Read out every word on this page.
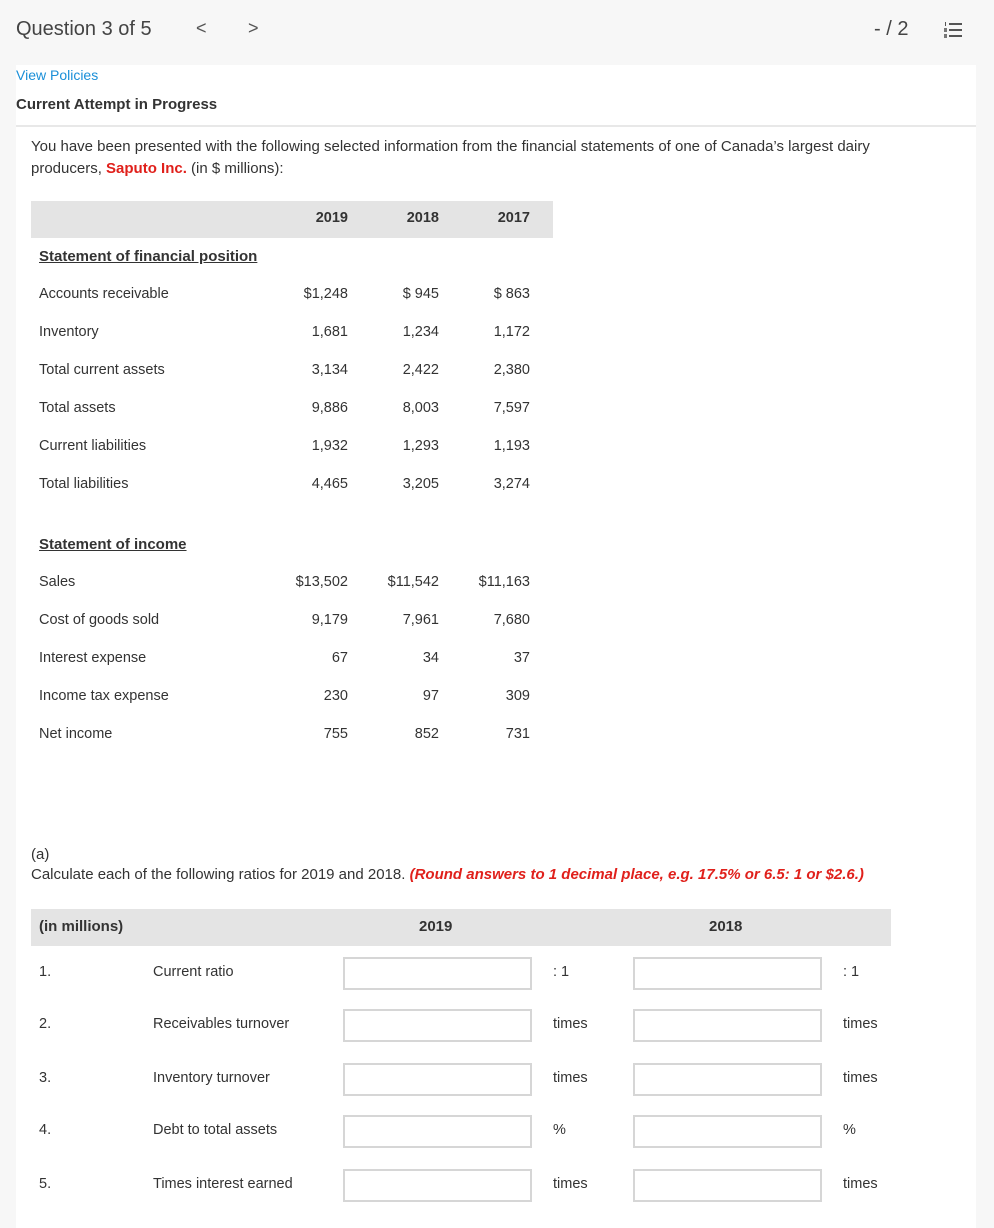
Question 3 of 5 < >	- / 2
View Policies
Current Attempt in Progress
You have been presented with the following selected information from the financial statements of one of Canada’s largest dairy producers, Saputo Inc. (in $ millions):
2019	2018	2017
Statement of financial position
Accounts receivable	$1,248	$ 945	$ 863
Inventory	1,681	1,234	1,172
Total current assets	3,134	2,422	2,380
Total assets	9,886	8,003	7,597
Current liabilities	1,932	1,293	1,193
Total liabilities	4,465	3,205	3,274
Statement of income
Sales	$13,502	$11,542	$11,163
Cost of goods sold	9,179	7,961	7,680
Interest expense	67	34	37
Income tax expense	230	97	309
Net income	755	852	731
(in millions)	2019	2018
1.	Current ratio	: 1	: 1
2.	Receivables turnover	times	times
3.	Inventory turnover	times	times
4.	Debt to total assets	%	%
5.	Times interest earned	times	times
(a)
Calculate each of the following ratios for 2019 and 2018. (Round answers to 1 decimal place, e.g. 17.5% or 6.5: 1 or $2.6.)
